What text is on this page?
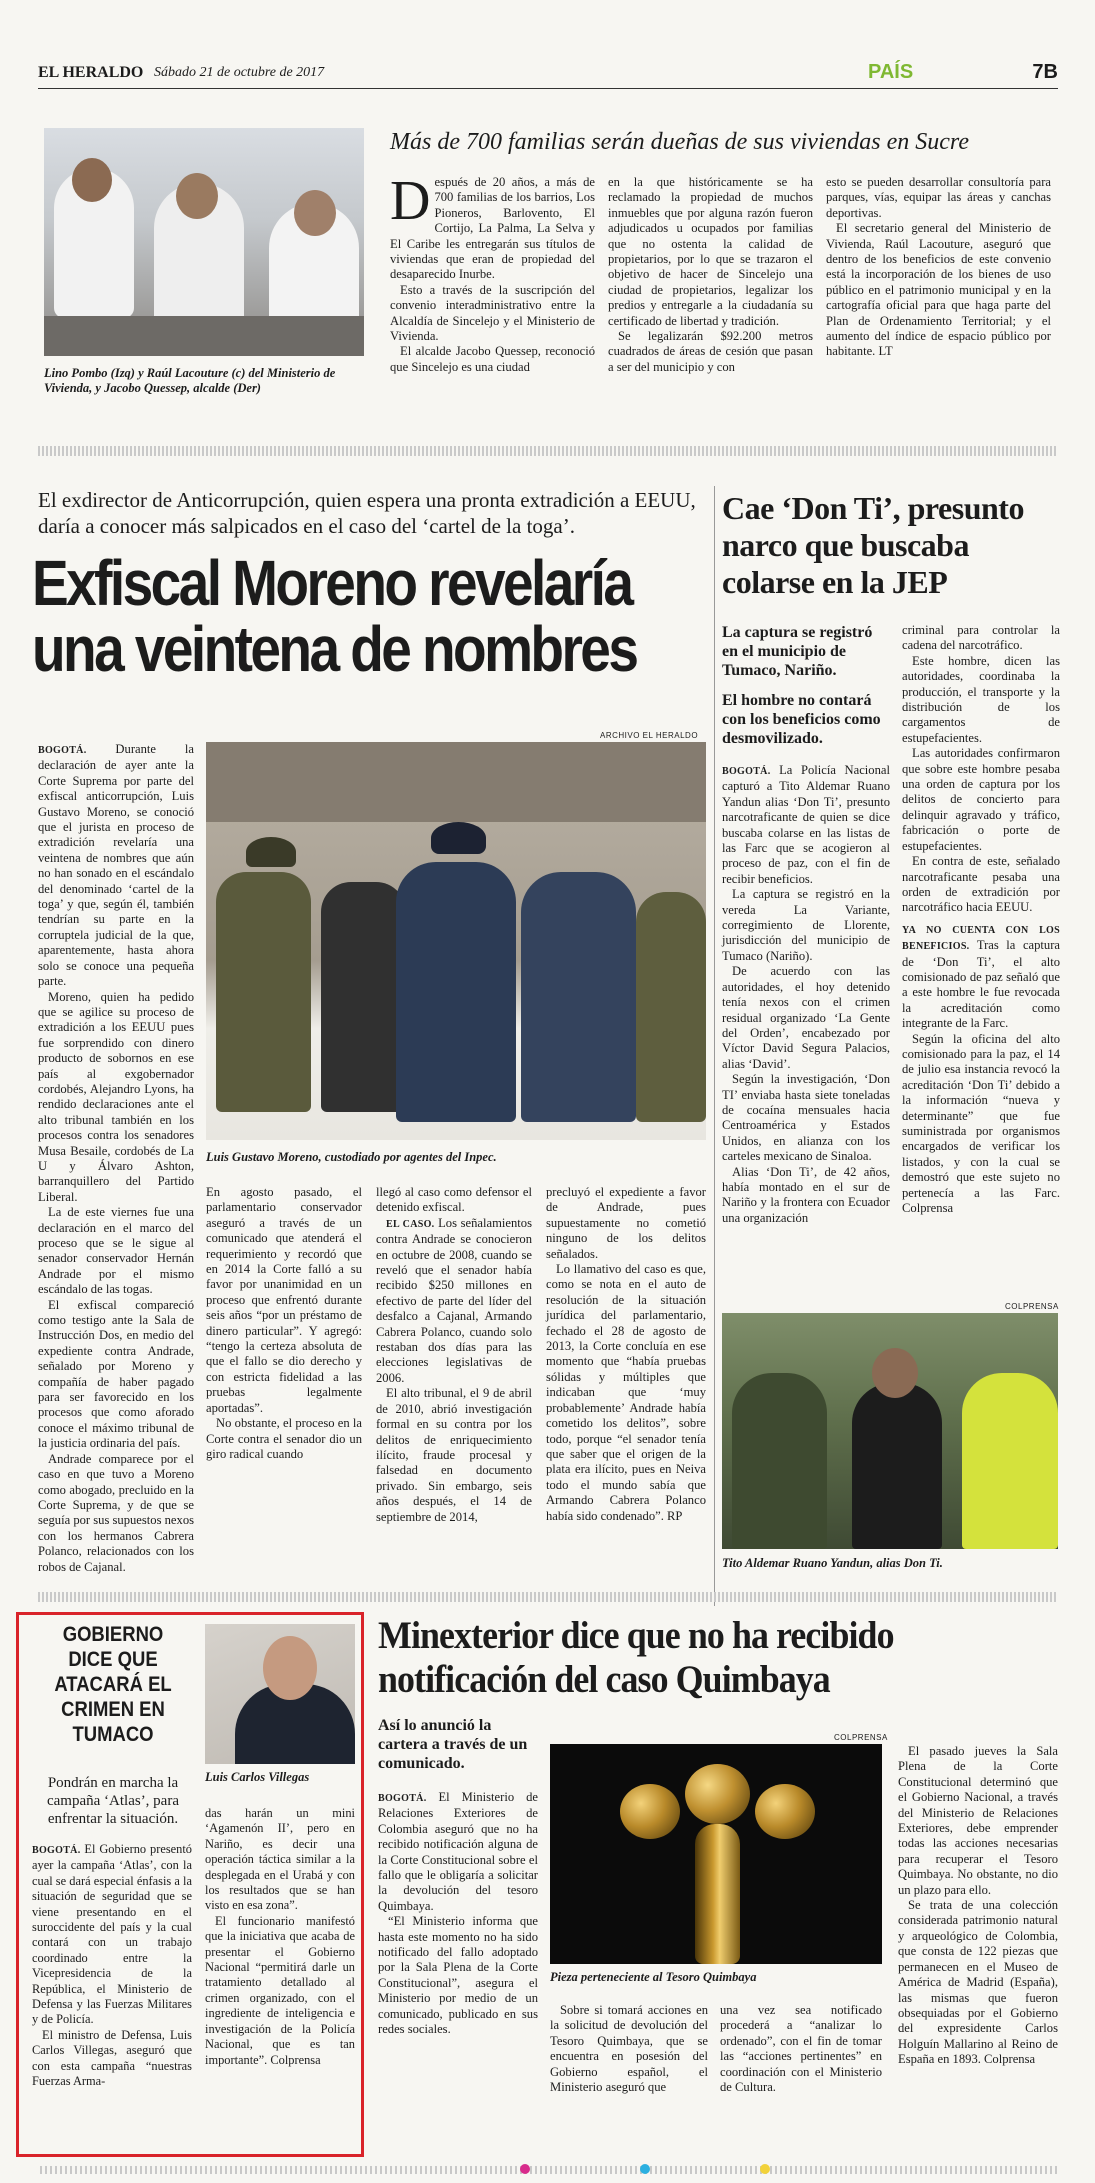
EL HERALDO Sábado 21 de octubre de 2017	PAÍS	7B
Lino Pombo (Izq) y Raúl Lacouture (c) del Ministerio de Vivienda, y Jacobo Quessep, alcalde (Der)
Más de 700 familias serán dueñas de sus viviendas en Sucre

Después de 20 años, a más de 700 familias de los barrios, Los Pioneros, Barlovento, El Cortijo, La Palma, La Selva y El Caribe les entregarán sus títulos de viviendas que eran de propiedad del desaparecido Inurbe.

Esto a través de la suscripción del convenio interadministrativo entre la Alcaldía de Sincelejo y el Ministerio de Vivienda.

El alcalde Jacobo Quessep, reconoció que Sincelejo es una ciudad

en la que históricamente se ha reclamado la propiedad de muchos inmuebles que por alguna razón fueron adjudicados u ocupados por familias que no ostenta la calidad de propietarios, por lo que se trazaron el objetivo de hacer de Sincelejo una ciudad de propietarios, legalizar los predios y entregarle a la ciudadanía su certificado de libertad y tradición.

Se legalizarán $92.200 metros cuadrados de áreas de cesión que pasan a ser del municipio y con

esto se pueden desarrollar consultoría para parques, vías, equipar las áreas y canchas deportivas.

El secretario general del Ministerio de Vivienda, Raúl Lacouture, aseguró que dentro de los beneficios de este convenio está la incorporación de los bienes de uso público en el patrimonio municipal y en la cartografía oficial para que haga parte del Plan de Ordenamiento Territorial; y el aumento del índice de espacio público por habitante. LT

El exdirector de Anticorrupción, quien espera una pronta extradición a EEUU, daría a conocer más salpicados en el caso del ‘cartel de la toga’.
Exfiscal Moreno revelaría
una veintena de nombres
ARCHIVO EL HERALDO
Luis Gustavo Moreno, custodiado por agentes del Inpec.

BOGOTÁ. Durante la declaración de ayer ante la Corte Suprema por parte del exfiscal anticorrupción, Luis Gustavo Moreno, se conoció que el jurista en proceso de extradición revelaría una veintena de nombres que aún no han sonado en el escándalo del denominado ‘cartel de la toga’ y que, según él, también tendrían su parte en la corruptela judicial de la que, aparentemente, hasta ahora solo se conoce una pequeña parte.

Moreno, quien ha pedido que se agilice su proceso de extradición a los EEUU pues fue sorprendido con dinero producto de sobornos en ese país al exgobernador cordobés, Alejandro Lyons, ha rendido declaraciones ante el alto tribunal también en los procesos contra los senadores Musa Besaile, cordobés de La U y Álvaro Ashton, barranquillero del Partido Liberal.

La de este viernes fue una declaración en el marco del proceso que se le sigue al senador conservador Hernán Andrade por el mismo escándalo de las togas.

El exfiscal compareció como testigo ante la Sala de Instrucción Dos, en medio del expediente contra Andrade, señalado por Moreno y compañía de haber pagado para ser favorecido en los procesos que como aforado conoce el máximo tribunal de la justicia ordinaria del país.

Andrade comparece por el caso en que tuvo a Moreno como abogado, precluido en la Corte Suprema, y de que se seguía por sus supuestos nexos con los hermanos Cabrera Polanco, relacionados con los robos de Cajanal.

En agosto pasado, el parlamentario conservador aseguró a través de un comunicado que atenderá el requerimiento y recordó que en 2014 la Corte falló a su favor por unanimidad en un proceso que enfrentó durante seis años “por un préstamo de dinero particular”. Y agregó: “tengo la certeza absoluta de que el fallo se dio derecho y con estricta fidelidad a las pruebas legalmente aportadas”.

No obstante, el proceso en la Corte contra el senador dio un giro radical cuando

llegó al caso como defensor el detenido exfiscal.

EL CASO. Los señalamientos contra Andrade se conocieron en octubre de 2008, cuando se reveló que el senador había recibido $250 millones en efectivo de parte del líder del desfalco a Cajanal, Armando Cabrera Polanco, cuando solo restaban dos días para las elecciones legislativas de 2006.

El alto tribunal, el 9 de abril de 2010, abrió investigación formal en su contra por los delitos de enriquecimiento ilícito, fraude procesal y falsedad en documento privado. Sin embargo, seis años después, el 14 de septiembre de 2014,

precluyó el expediente a favor de Andrade, pues supuestamente no cometió ninguno de los delitos señalados.

Lo llamativo del caso es que, como se nota en el auto de resolución de la situación jurídica del parlamentario, fechado el 28 de agosto de 2013, la Corte concluía en ese momento que “había pruebas sólidas y múltiples que indicaban que ‘muy probablemente’ Andrade había cometido los delitos”, sobre todo, porque “el senador tenía que saber que el origen de la plata era ilícito, pues en Neiva todo el mundo sabía que Armando Cabrera Polanco había sido condenado”. RP

Cae ‘Don Ti’, presunto narco que buscaba colarse en la JEP
La captura se registró en el municipio de Tumaco, Nariño.
El hombre no contará con los beneficios como desmovilizado.

BOGOTÁ. La Policía Nacional capturó a Tito Aldemar Ruano Yandun alias ‘Don Ti’, presunto narcotraficante de quien se dice buscaba colarse en las listas de las Farc que se acogieron al proceso de paz, con el fin de recibir beneficios.

La captura se registró en la vereda La Variante, corregimiento de Llorente, jurisdicción del municipio de Tumaco (Nariño).

De acuerdo con las autoridades, el hoy detenido tenía nexos con el crimen residual organizado ‘La Gente del Orden’, encabezado por Víctor David Segura Palacios, alias ‘David’.

Según la investigación, ‘Don TI’ enviaba hasta siete toneladas de cocaína mensuales hacia Centroamérica y Estados Unidos, en alianza con los carteles mexicano de Sinaloa.

Alias ‘Don Ti’, de 42 años, había montado en el sur de Nariño y la frontera con Ecuador una organización

criminal para controlar la cadena del narcotráfico.

Este hombre, dicen las autoridades, coordinaba la producción, el transporte y la distribución de los cargamentos de estupefacientes.

Las autoridades confirmaron que sobre este hombre pesaba una orden de captura por los delitos de concierto para delinquir agravado y tráfico, fabricación o porte de estupefacientes.

En contra de este, señalado narcotraficante pesaba una orden de extradición por narcotráfico hacia EEUU.

YA NO CUENTA CON LOS BENEFICIOS. Tras la captura de ‘Don Ti’, el alto comisionado de paz señaló que a este hombre le fue revocada la acreditación como integrante de la Farc.

Según la oficina del alto comisionado para la paz, el 14 de julio esa instancia revocó la acreditación ‘Don Ti’ debido a la información “nueva y determinante” que fue suministrada por organismos encargados de verificar los listados, y con la cual se demostró que este sujeto no pertenecía a las Farc. Colprensa

COLPRENSA
Tito Aldemar Ruano Yandun, alias Don Ti.
GOBIERNO DICE QUE ATACARÁ EL CRIMEN EN TUMACO
Luis Carlos Villegas
Pondrán en marcha la campaña ‘Atlas’, para enfrentar la situación.

BOGOTÁ. El Gobierno presentó ayer la campaña ‘Atlas’, con la cual se dará especial énfasis a la situación de seguridad que se viene presentando en el suroccidente del país y la cual contará con un trabajo coordinado entre la Vicepresidencia de la República, el Ministerio de Defensa y las Fuerzas Militares y de Policía.

El ministro de Defensa, Luis Carlos Villegas, aseguró que con esta campaña “nuestras Fuerzas Arma-

das harán un mini ‘Agamenón II’, pero en Nariño, es decir una operación táctica similar a la desplegada en el Urabá y con los resultados que se han visto en esa zona”.

El funcionario manifestó que la iniciativa que acaba de presentar el Gobierno Nacional “permitirá darle un tratamiento detallado al crimen organizado, con el ingrediente de inteligencia e investigación de la Policía Nacional, que es tan importante”. Colprensa

Minexterior dice que no ha recibido
notificación del caso Quimbaya
Así lo anunció la cartera a través de un comunicado.
COLPRENSA
Pieza perteneciente al Tesoro Quimbaya

BOGOTÁ. El Ministerio de Relaciones Exteriores de Colombia aseguró que no ha recibido notificación alguna de la Corte Constitucional sobre el fallo que le obligaría a solicitar la devolución del tesoro Quimbaya.

“El Ministerio informa que hasta este momento no ha sido notificado del fallo adoptado por la Sala Plena de la Corte Constitucional”, asegura el Ministerio por medio de un comunicado, publicado en sus redes sociales.

Sobre si tomará acciones en la solicitud de devolución del Tesoro Quimbaya, que se encuentra en posesión del Gobierno español, el Ministerio aseguró que

una vez sea notificado procederá a “analizar lo ordenado”, con el fin de tomar las “acciones pertinentes” en coordinación con el Ministerio de Cultura.

El pasado jueves la Sala Plena de la Corte Constitucional determinó que el Gobierno Nacional, a través del Ministerio de Relaciones Exteriores, debe emprender todas las acciones necesarias para recuperar el Tesoro Quimbaya. No obstante, no dio un plazo para ello.

Se trata de una colección considerada patrimonio natural y arqueológico de Colombia, que consta de 122 piezas que permanecen en el Museo de América de Madrid (España), las mismas que fueron obsequiadas por el Gobierno del expresidente Carlos Holguín Mallarino al Reino de España en 1893. Colprensa
